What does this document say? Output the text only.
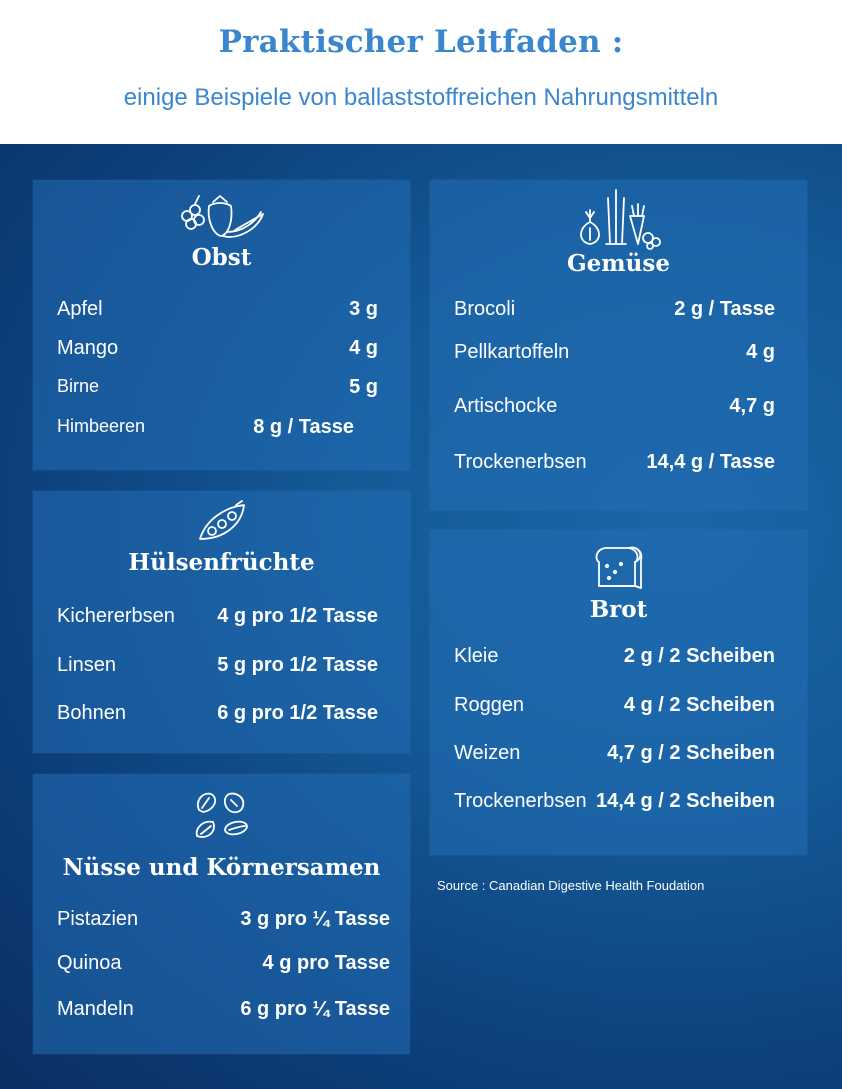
Praktischer Leitfaden :
einige Beispiele von ballaststoffreichen Nahrungsmitteln
Obst
Apfel	3 g
Mango	4 g
Birne	5 g
Himbeeren	8 g / Tasse
Gemüse
Brocoli	2 g / Tasse
Pellkartoffeln	4 g
Artischocke	4,7 g
Trockenerbsen	14,4 g / Tasse
Hülsenfrüchte
Kichererbsen 4 g pro 1/2 Tasse
Linsen	5 g pro 1/2 Tasse
Bohnen	6 g pro 1/2 Tasse
Brot
Kleie	2 g / 2 Scheiben
Roggen	4 g / 2 Scheiben
Weizen	4,7 g / 2 Scheiben
Trockenerbsen 14,4 g / 2 Scheiben
Nüsse und Körnersamen
Pistazien	3 g pro ¼ Tasse
Quinoa	4 g pro Tasse
Mandeln	6 g pro ¼ Tasse
Source : Canadian Digestive Health Foudation
